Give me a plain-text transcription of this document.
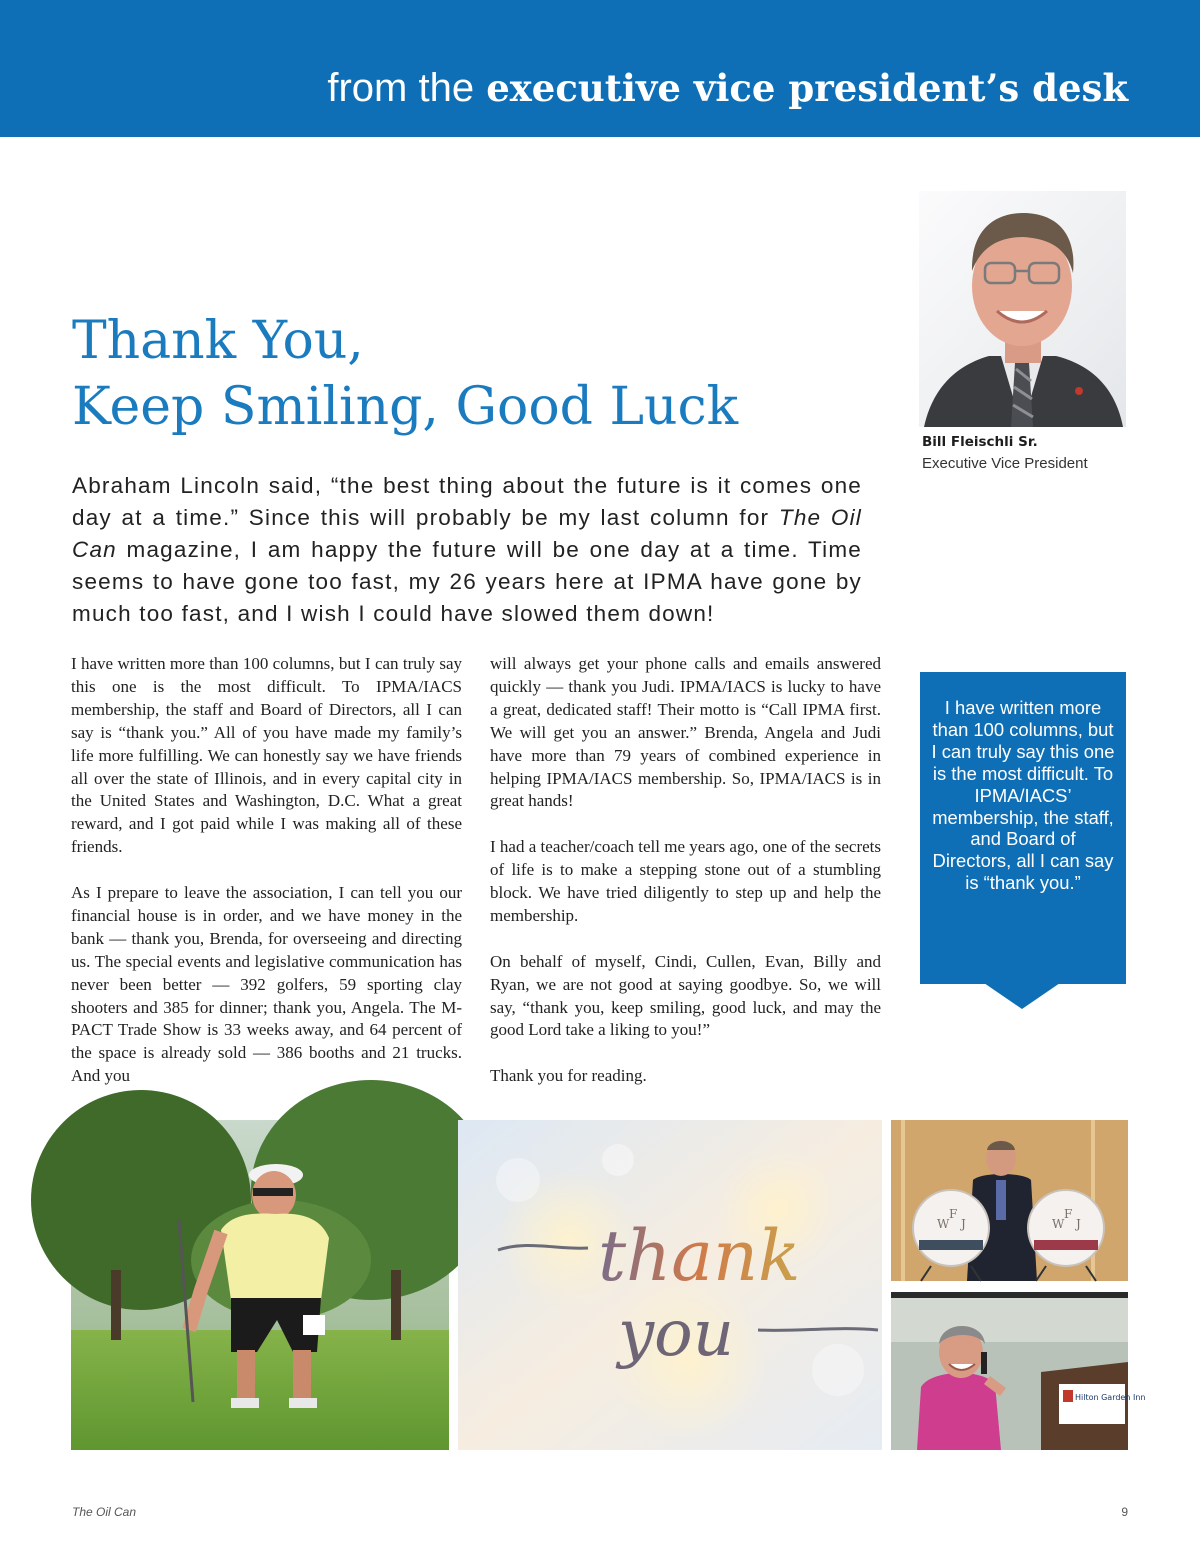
from the executive vice president’s desk
Thank You,
Keep Smiling, Good Luck

Abraham Lincoln said, “the best thing about the future is it comes one day at a time.” Since this will probably be my last column for The Oil Can magazine, I am happy the future will be one day at a time. Time seems to have gone too fast, my 26 years here at IPMA have gone by much too fast, and I wish I could have slowed them down!

I have written more than 100 columns, but I can truly say this one is the most difficult. To IPMA/IACS membership, the staff and Board of Directors, all I can say is “thank you.” All of you have made my family’s life more fulfilling. We can honestly say we have friends all over the state of Illinois, and in every capital city in the United States and Washington, D.C. What a great reward, and I got paid while I was making all of these friends.

As I prepare to leave the association, I can tell you our financial house is in order, and we have money in the bank — thank you, Brenda, for overseeing and directing us. The special events and legislative communication has never been better — 392 golfers, 59 sporting clay shooters and 385 for dinner; thank you, Angela. The M-PACT Trade Show is 33 weeks away, and 64 percent of the space is already sold — 386 booths and 21 trucks. And you

will always get your phone calls and emails answered quickly — thank you Judi. IPMA/IACS is lucky to have a great, dedicated staff! Their motto is “Call IPMA first. We will get you an answer.” Brenda, Angela and Judi have more than 79 years of combined experience in helping IPMA/IACS membership. So, IPMA/IACS is in great hands!

I had a teacher/coach tell me years ago, one of the secrets of life is to make a stepping stone out of a stumbling block. We have tried diligently to step up and help the membership.

On behalf of myself, Cindi, Cullen, Evan, Billy and Ryan, we are not good at saying goodbye. So, we will say, “thank you, keep smiling, good luck, and may the good Lord take a liking to you!”

Thank you for reading.

Bill Fleischli Sr.
Executive Vice President
I have written more than 100 columns, but I can truly say this one is the most difficult. To IPMA/IACS’ membership, the staff, and Board of Directors, all I can say is “thank you.”
thank
you
W
F
J	W
F
J
Hilton Garden Inn
The Oil Can	9
